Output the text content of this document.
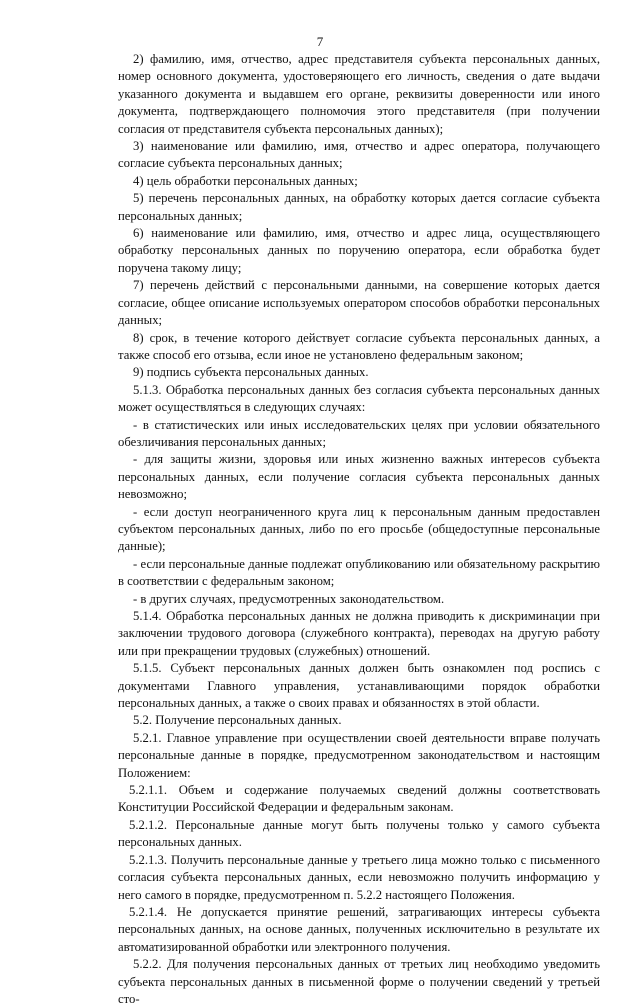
7

2) фамилию, имя, отчество, адрес представителя субъекта персональных данных, номер основного документа, удостоверяющего его личность, сведения о дате выдачи указанного документа и выдавшем его органе, реквизиты доверенности или иного документа, подтверждающего полномочия этого представителя (при получении согласия от представителя субъекта персональных данных);

3) наименование или фамилию, имя, отчество и адрес оператора, получающего согласие субъекта персональных данных;

4) цель обработки персональных данных;

5) перечень персональных данных, на обработку которых дается согласие субъекта персональных данных;

6) наименование или фамилию, имя, отчество и адрес лица, осуществляющего обработку персональных данных по поручению оператора, если обработка будет поручена такому лицу;

7) перечень действий с персональными данными, на совершение которых дается согласие, общее описание используемых оператором способов обработки персональных данных;

8) срок, в течение которого действует согласие субъекта персональных данных, а также способ его отзыва, если иное не установлено федеральным законом;

9) подпись субъекта персональных данных.

5.1.3. Обработка персональных данных без согласия субъекта персональных данных может осуществляться в следующих случаях:

- в статистических или иных исследовательских целях при условии обязательного обезличивания персональных данных;

- для защиты жизни, здоровья или иных жизненно важных интересов субъекта персональных данных, если получение согласия субъекта персональных данных невозможно;

- если доступ неограниченного круга лиц к персональным данным предоставлен субъектом персональных данных, либо по его просьбе (общедоступные персональные данные);

- если персональные данные подлежат опубликованию или обязательному раскрытию в соответствии с федеральным законом;

- в других случаях, предусмотренных законодательством.

5.1.4. Обработка персональных данных не должна приводить к дискриминации при заключении трудового договора (служебного контракта), переводах на другую работу или при прекращении трудовых (служебных) отношений.

5.1.5. Субъект персональных данных должен быть ознакомлен под роспись с документами Главного управления, устанавливающими порядок обработки персональных данных, а также о своих правах и обязанностях в этой области.

5.2. Получение персональных данных.

5.2.1. Главное управление при осуществлении своей деятельности вправе получать персональные данные в порядке, предусмотренном законодательством и настоящим Положением:

5.2.1.1. Объем и содержание получаемых сведений должны соответствовать Конституции Российской Федерации и федеральным законам.

5.2.1.2. Персональные данные могут быть получены только у самого субъекта персональных данных.

5.2.1.3. Получить персональные данные у третьего лица можно только с письменного согласия субъекта персональных данных, если невозможно получить информацию у него самого в порядке, предусмотренном п. 5.2.2 настоящего Положения.

5.2.1.4. Не допускается принятие решений, затрагивающих интересы субъекта персональных данных, на основе данных, полученных исключительно в результате их автоматизированной обработки или электронного получения.

5.2.2. Для получения персональных данных от третьих лиц необходимо уведомить субъекта персональных данных в письменной форме о получении сведений у третьей сто-
